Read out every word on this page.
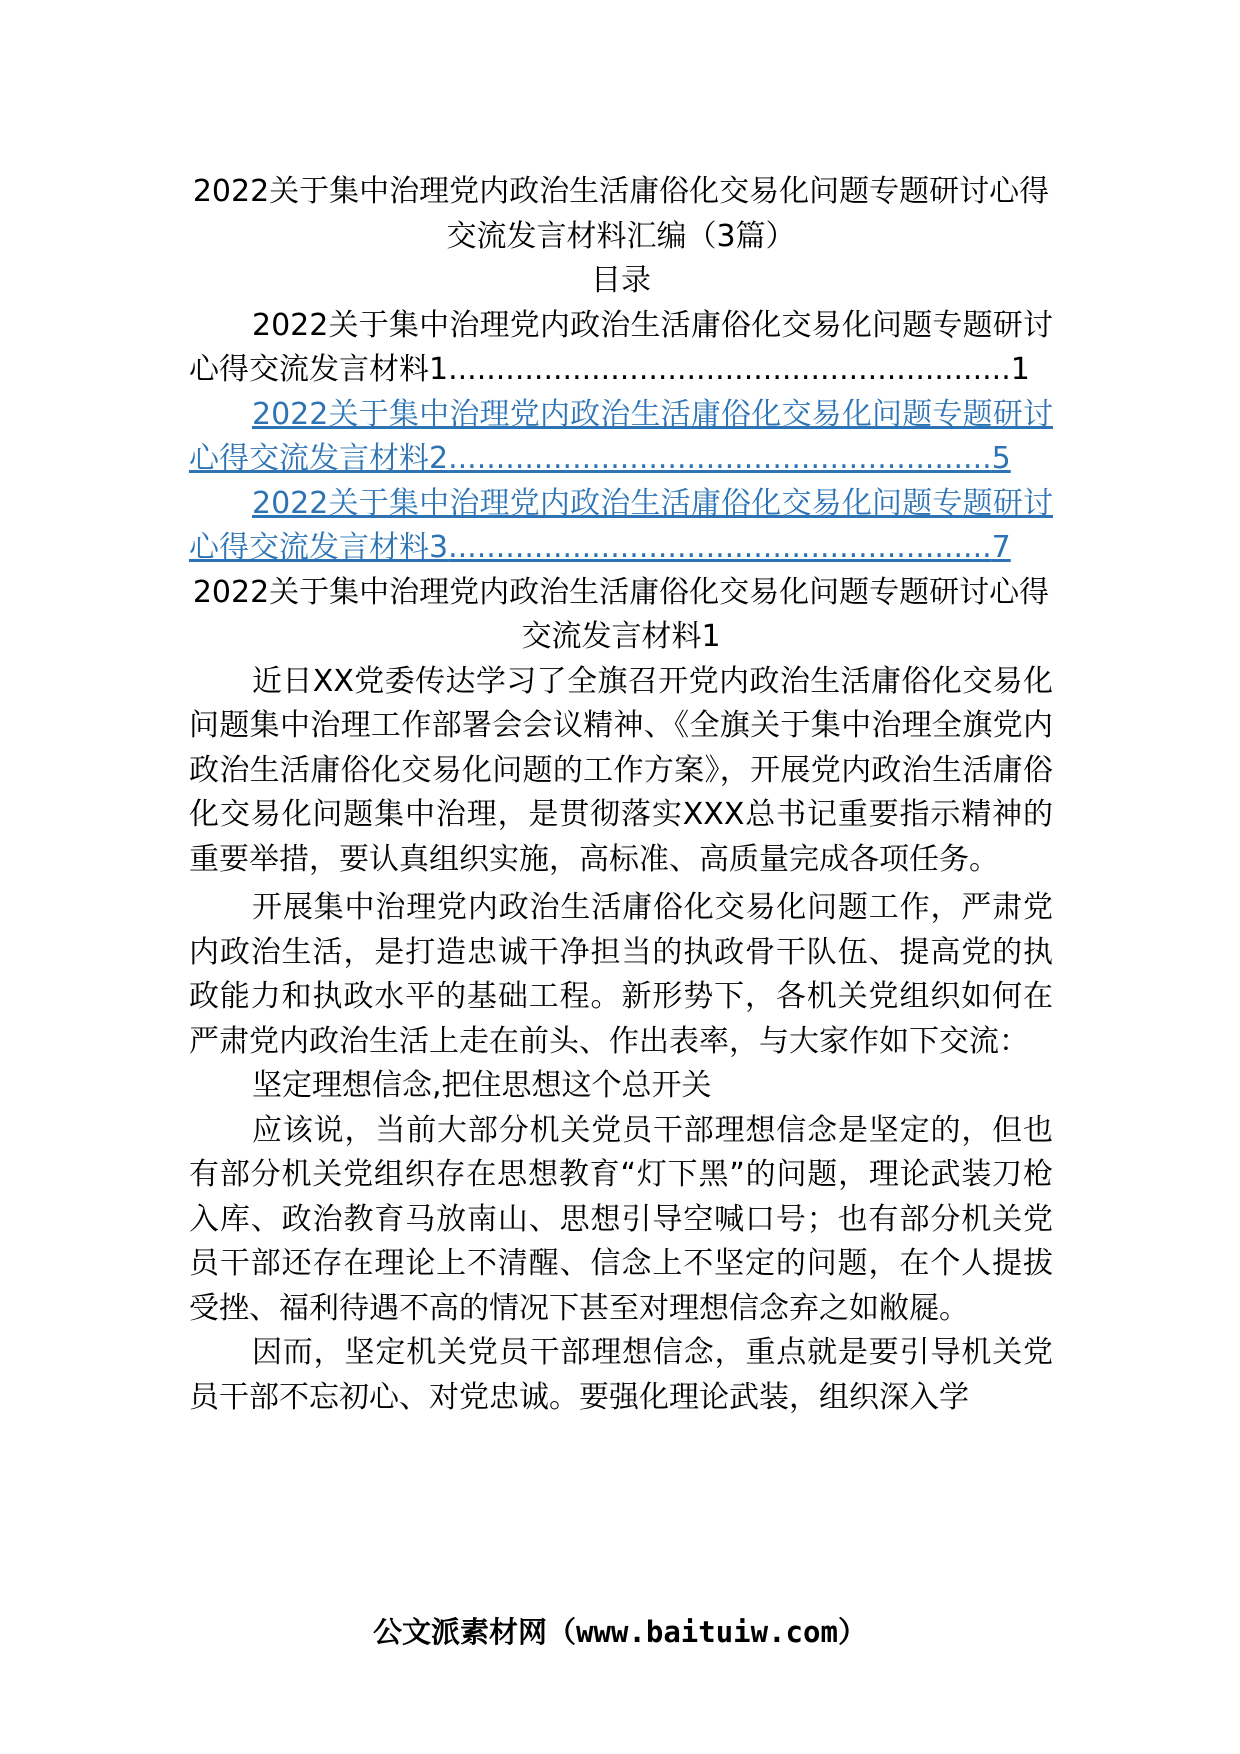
2022关于集中治理党内政治生活庸俗化交易化问题专题研讨心得交流发言材料汇编（3篇）

目录

2022关于集中治理党内政治生活庸俗化交易化问题专题研讨心得交流发言材料1...........................................................1

2022关于集中治理党内政治生活庸俗化交易化问题专题研讨心得交流发言材料2.........................................................5

2022关于集中治理党内政治生活庸俗化交易化问题专题研讨心得交流发言材料3.........................................................7

2022关于集中治理党内政治生活庸俗化交易化问题专题研讨心得交流发言材料1

近日XX党委传达学习了全旗召开党内政治生活庸俗化交易化问题集中治理工作部署会会议精神、《全旗关于集中治理全旗党内政治生活庸俗化交易化问题的工作方案》，开展党内政治生活庸俗化交易化问题集中治理，是贯彻落实XXX总书记重要指示精神的重要举措，要认真组织实施，高标准、高质量完成各项任务。

开展集中治理党内政治生活庸俗化交易化问题工作，严肃党内政治生活，是打造忠诚干净担当的执政骨干队伍、提高党的执政能力和执政水平的基础工程。新形势下，各机关党组织如何在严肃党内政治生活上走在前头、作出表率，与大家作如下交流：

坚定理想信念,把住思想这个总开关

应该说，当前大部分机关党员干部理想信念是坚定的，但也有部分机关党组织存在思想教育“灯下黑”的问题，理论武装刀枪入库、政治教育马放南山、思想引导空喊口号；也有部分机关党员干部还存在理论上不清醒、信念上不坚定的问题，在个人提拔受挫、福利待遇不高的情况下甚至对理想信念弃之如敝屣。

因而，坚定机关党员干部理想信念，重点就是要引导机关党员干部不忘初心、对党忠诚。要强化理论武装，组织深入学

公文派素材网（www.baituiw.com）
